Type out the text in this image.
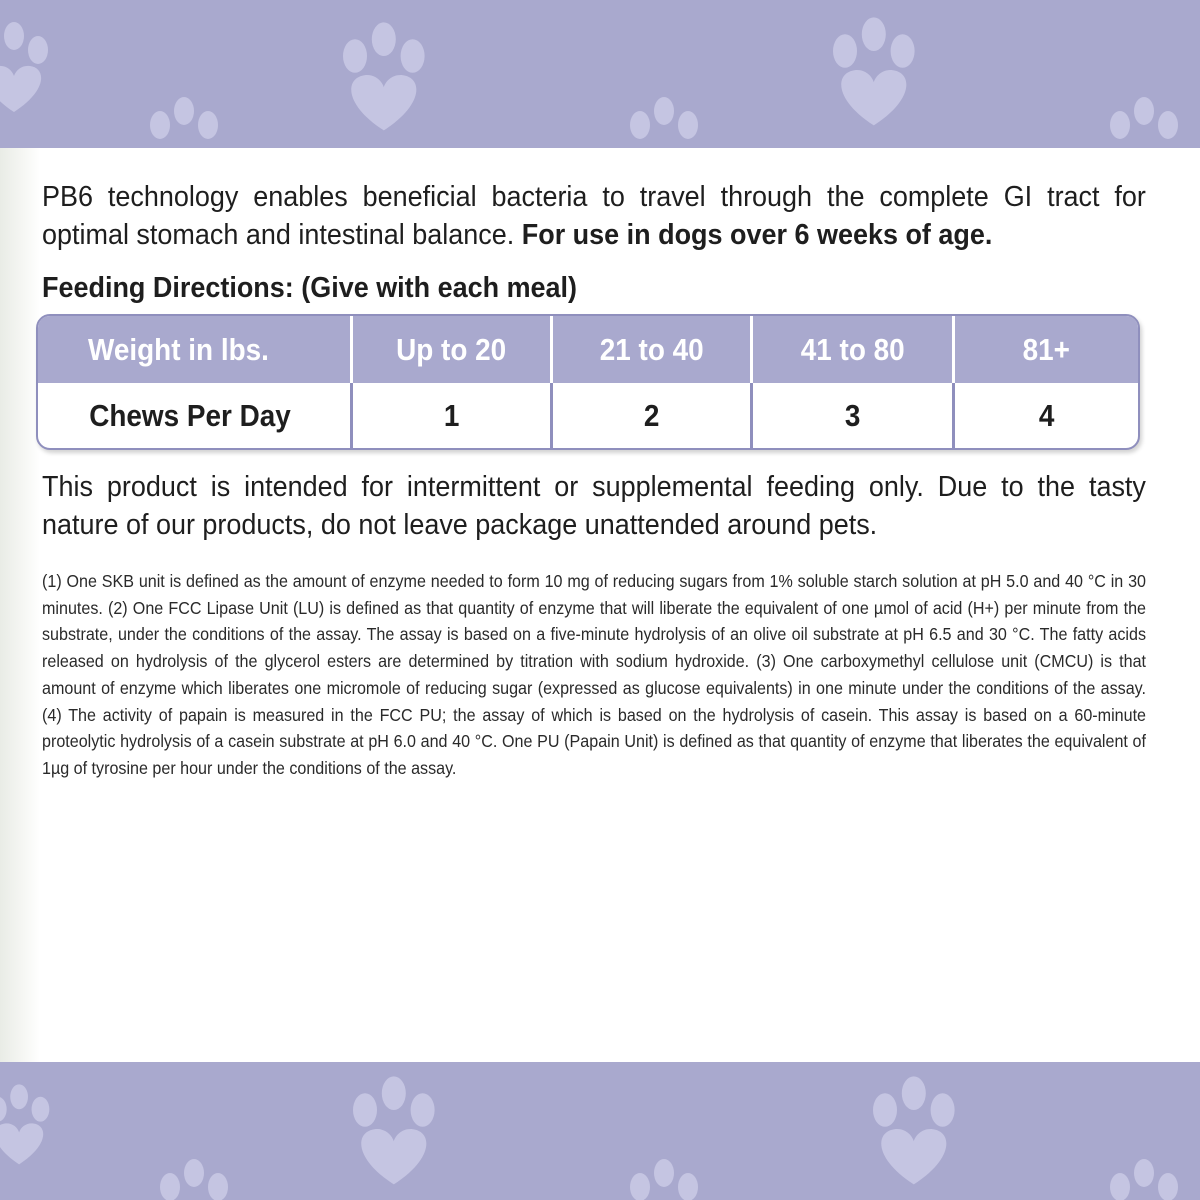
PB6 technology enables beneficial bacteria to travel through the complete GI tract for optimal stomach and intestinal balance. For use in dogs over 6 weeks of age.

Feeding Directions: (Give with each meal)

Weight in lbs.	Up to 20	21 to 40	41 to 80	81+
Chews Per Day	1	2	3	4

This product is intended for intermittent or supplemental feeding only. Due to the tasty nature of our products, do not leave package unattended around pets.

(1) One SKB unit is defined as the amount of enzyme needed to form 10 mg of reducing sugars from 1% soluble starch solution at pH 5.0 and 40 °C in 30 minutes. (2) One FCC Lipase Unit (LU) is defined as that quantity of enzyme that will liberate the equivalent of one µmol of acid (H+) per minute from the substrate, under the conditions of the assay. The assay is based on a five-minute hydrolysis of an olive oil substrate at pH 6.5 and 30 °C. The fatty acids released on hydrolysis of the glycerol esters are determined by titration with sodium hydroxide. (3) One carboxymethyl cellulose unit (CMCU) is that amount of enzyme which liberates one micromole of reducing sugar (expressed as glucose equivalents) in one minute under the conditions of the assay. (4) The activity of papain is measured in the FCC PU; the assay of which is based on the hydrolysis of casein. This assay is based on a 60-minute proteolytic hydrolysis of a casein substrate at pH 6.0 and 40 °C. One PU (Papain Unit) is defined as that quantity of enzyme that liberates the equivalent of 1µg of tyrosine per hour under the conditions of the assay.
